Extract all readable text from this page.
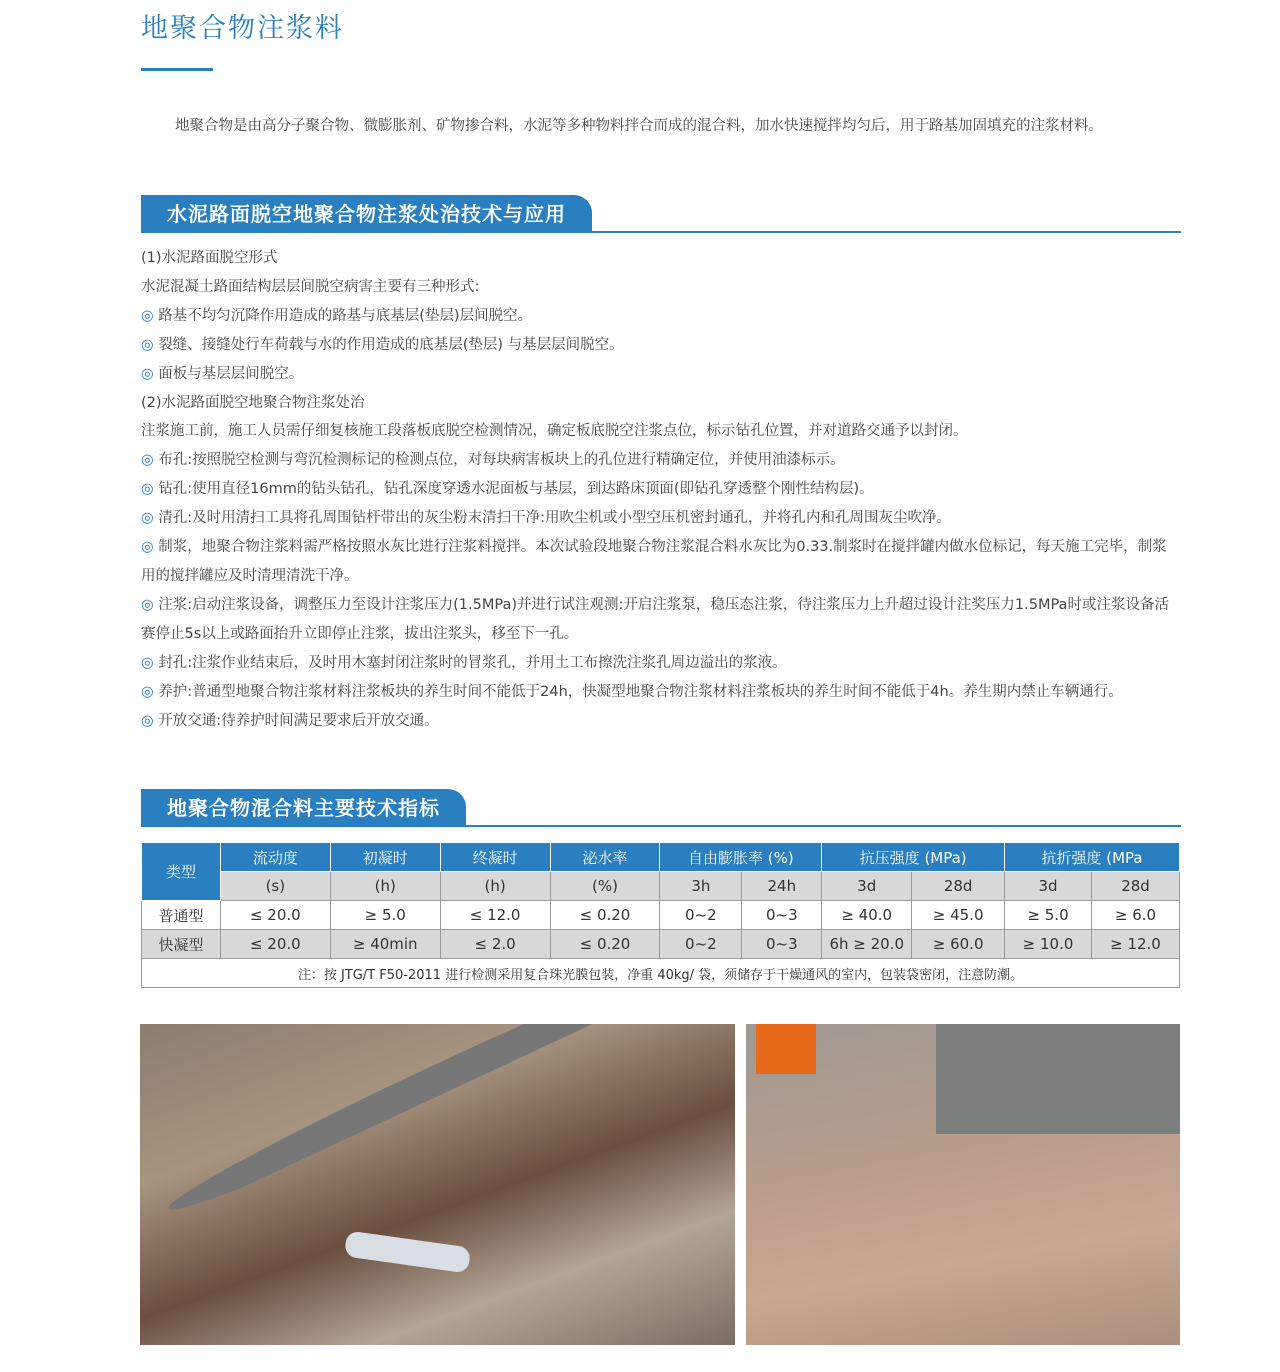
地聚合物注浆料

地聚合物是由高分子聚合物、微膨胀剂、矿物掺合料，水泥等多种物料拌合而成的混合料，加水快速搅拌均匀后，用于路基加固填充的注浆材料。

水泥路面脱空地聚合物注浆处治技术与应用
(1)水泥路面脱空形式
水泥混凝土路面结构层层间脱空病害主要有三种形式:
◎ 路基不均匀沉降作用造成的路基与底基层(垫层)层间脱空。
◎ 裂缝、接缝处行车荷载与水的作用造成的底基层(垫层) 与基层层间脱空。
◎ 面板与基层层间脱空。
(2)水泥路面脱空地聚合物注浆处治
注浆施工前，施工人员需仔细复核施工段落板底脱空检测情况，确定板底脱空注浆点位，标示钻孔位置，并对道路交通予以封闭。
◎ 布孔:按照脱空检测与弯沉检测标记的检测点位，对每块病害板块上的孔位进行精确定位，并使用油漆标示。
◎ 钻孔:使用直径16mm的钻头钻孔，钻孔深度穿透水泥面板与基层，到达路床顶面(即钻孔穿透整个刚性结构层)。
◎ 清孔:及时用清扫工具将孔周围钻杆带出的灰尘粉末清扫干净:用吹尘机或小型空压机密封通孔，并将孔内和孔周围灰尘吹净。
◎ 制浆，地聚合物注浆料需严格按照水灰比进行注浆料搅拌。本次试验段地聚合物注浆混合料水灰比为0.33.制浆时在搅拌罐内做水位标记，每天施工完毕，制浆用的搅拌罐应及时清理清洗干净。
◎ 注浆:启动注浆设备，调整压力至设计注浆压力(1.5MPa)并进行试注观测:开启注浆泵，稳压态注浆，待注浆压力上升超过设计注奖压力1.5MPa时或注浆设备活赛停止5s以上或路面抬升立即停止注浆，拔出注浆头，移至下一孔。
◎ 封孔:注浆作业结束后，及时用木塞封闭注浆时的冒浆孔，并用土工布擦洗注浆孔周边溢出的浆液。
◎ 养护:普通型地聚合物注浆材料注浆板块的养生时间不能低于24h，快凝型地聚合物注浆材料注浆板块的养生时间不能低于4h。养生期内禁止车辆通行。
◎ 开放交通:待养护时间满足要求后开放交通。
地聚合物混合料主要技术指标
类型	流动度	初凝时	终凝时	泌水率	自由膨胀率 (%)		抗压强度 (MPa)		抗折强度 (MPa	
	(s)	(h)	(h)	(%)	3h	24h	3d	28d	3d	28d
普通型	≤ 20.0	≥ 5.0	≤ 12.0	≤ 0.20	0~2	0~3	≥ 40.0	≥ 45.0	≥ 5.0	≥ 6.0
快凝型	≤ 20.0	≥ 40min	≤ 2.0	≤ 0.20	0~2	0~3	6h ≥ 20.0	≥ 60.0	≥ 10.0	≥ 12.0
注：按 JTG/T F50-2011 进行检测采用复合珠光膜包装，净重 40kg/ 袋，须储存于干燥通风的室内，包装袋密闭，注意防潮。										
